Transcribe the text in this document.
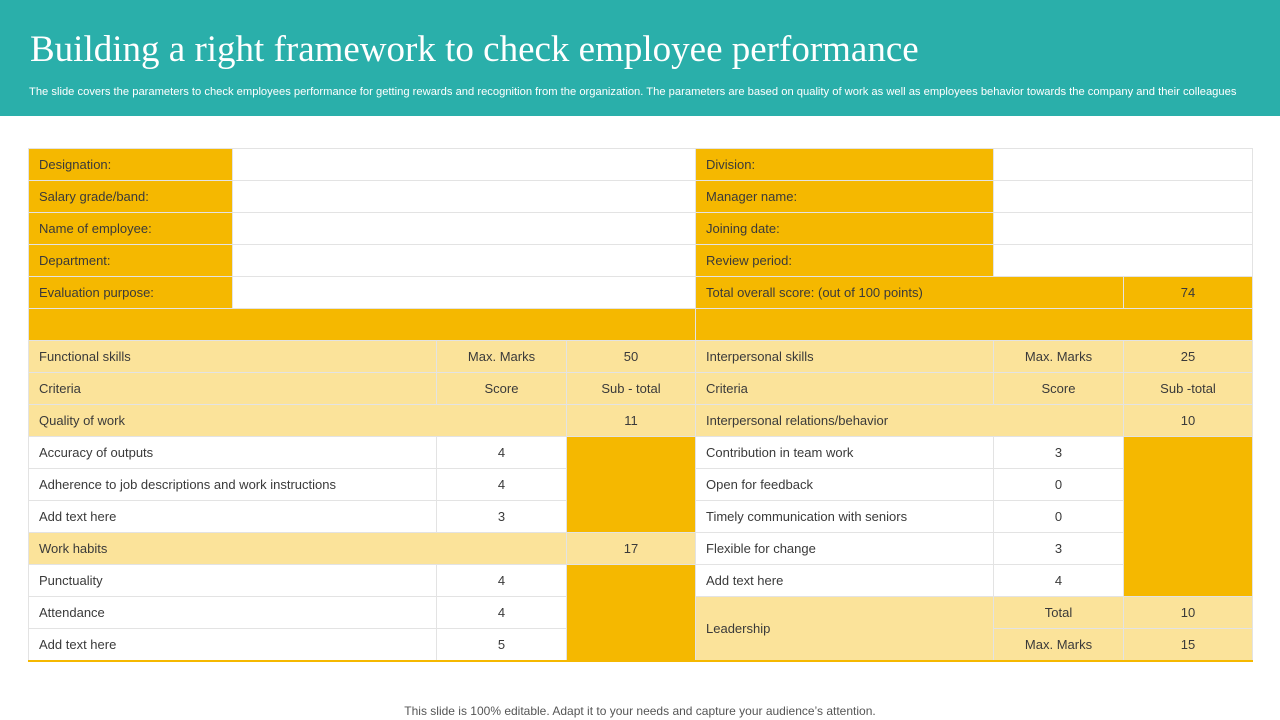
Building a right framework to check employee performance
The slide covers the parameters to check employees performance for getting rewards and recognition from the organization. The parameters are based on quality of work as well as employees behavior towards the company and their colleagues
Designation:				Division:		
Salary grade/band:				Manager name:		
Name of employee:				Joining date:		
Department:				Review period:		
Evaluation purpose:				Total overall score: (out of 100 points)		74

Functional skills		Max. Marks	50	Interpersonal skills	Max. Marks	25
Criteria		Score	Sub - total	Criteria	Score	Sub -total
Quality of work			11	Interpersonal relations/behavior		10
Accuracy of outputs		4		Contribution in team work	3	
Adherence to job descriptions and work instructions		4		Open for feedback	0	
Add text here		3		Timely communication with seniors	0	
Work habits			17	Flexible for change	3	
Punctuality		4		Add text here	4	
Attendance		4		Leadership	Total	10
Add text here		5			Max. Marks	15
This slide is 100% editable. Adapt it to your needs and capture your audience’s attention.
